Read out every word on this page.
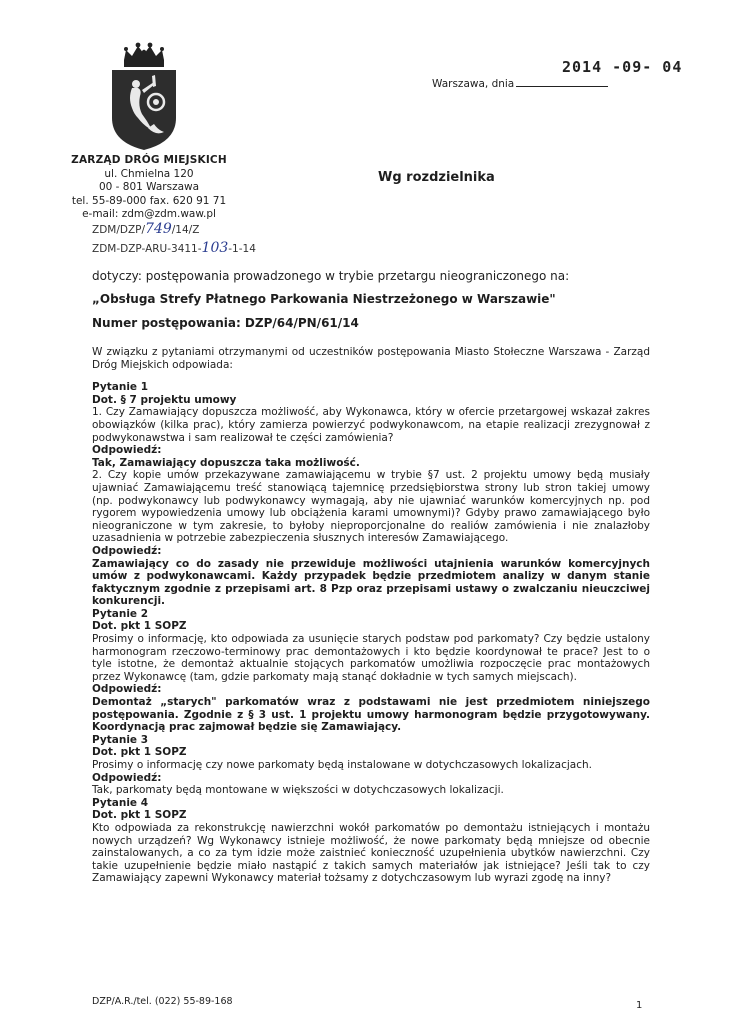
ZARZĄD DRÓG MIEJSKICH
ul. Chmielna 120
00 - 801 Warszawa
tel. 55-89-000 fax. 620 91 71
e-mail: zdm@zdm.waw.pl
ZDM/DZP/749/14/Z
ZDM-DZP-ARU-3411-103-1-14
2014 -09- 04
Warszawa, dnia
Wg rozdzielnika
dotyczy: postępowania prowadzonego w trybie przetargu nieograniczonego na:
„Obsługa Strefy Płatnego Parkowania Niestrzeżonego w Warszawie"
Numer postępowania: DZP/64/PN/61/14

W związku z pytaniami otrzymanymi od uczestników postępowania Miasto Stołeczne Warszawa - Zarząd Dróg Miejskich odpowiada:

Pytanie 1

Dot. § 7 projektu umowy

1. Czy Zamawiający dopuszcza możliwość, aby Wykonawca, który w ofercie przetargowej wskazał zakres obowiązków (kilka prac), który zamierza powierzyć podwykonawcom, na etapie realizacji zrezygnował z podwykonawstwa i sam realizował te części zamówienia?

Odpowiedź:

Tak, Zamawiający dopuszcza taka możliwość.

2. Czy kopie umów przekazywane zamawiającemu w trybie §7 ust. 2 projektu umowy będą musiały ujawniać Zamawiającemu treść stanowiącą tajemnicę przedsiębiorstwa strony lub stron takiej umowy (np. podwykonawcy lub podwykonawcy wymagają, aby nie ujawniać warunków komercyjnych np. pod rygorem wypowiedzenia umowy lub obciążenia karami umownymi)? Gdyby prawo zamawiającego było nieograniczone w tym zakresie, to byłoby nieproporcjonalne do realiów zamówienia i nie znalazłoby uzasadnienia w potrzebie zabezpieczenia słusznych interesów Zamawiającego.

Odpowiedź:

Zamawiający co do zasady nie przewiduje możliwości utajnienia warunków komercyjnych umów z podwykonawcami. Każdy przypadek będzie przedmiotem analizy w danym stanie faktycznym zgodnie z przepisami art. 8 Pzp oraz przepisami ustawy o zwalczaniu nieuczciwej konkurencji.

Pytanie 2

Dot. pkt 1 SOPZ

Prosimy o informację, kto odpowiada za usunięcie starych podstaw pod parkomaty? Czy będzie ustalony harmonogram rzeczowo-terminowy prac demontażowych i kto będzie koordynował te prace? Jest to o tyle istotne, że demontaż aktualnie stojących parkomatów umożliwia rozpoczęcie prac montażowych przez Wykonawcę (tam, gdzie parkomaty mają stanąć dokładnie w tych samych miejscach).

Odpowiedź:

Demontaż „starych" parkomatów wraz z podstawami nie jest przedmiotem niniejszego postępowania. Zgodnie z § 3 ust. 1 projektu umowy harmonogram będzie przygotowywany. Koordynacją prac zajmował będzie się Zamawiający.

Pytanie 3

Dot. pkt 1 SOPZ

Prosimy o informację czy nowe parkomaty będą instalowane w dotychczasowych lokalizacjach.

Odpowiedź:

Tak, parkomaty będą montowane w większości w dotychczasowych lokalizacji.

Pytanie 4

Dot. pkt 1 SOPZ

Kto odpowiada za rekonstrukcję nawierzchni wokół parkomatów po demontażu istniejących i montażu nowych urządzeń? Wg Wykonawcy istnieje możliwość, że nowe parkomaty będą mniejsze od obecnie zainstalowanych, a co za tym idzie może zaistnieć konieczność uzupełnienia ubytków nawierzchni. Czy takie uzupełnienie będzie miało nastąpić z takich samych materiałów jak istniejące? Jeśli tak to czy Zamawiający zapewni Wykonawcy materiał tożsamy z dotychczasowym lub wyrazi zgodę na inny?

DZP/A.R./tel. (022) 55-89-168	1
